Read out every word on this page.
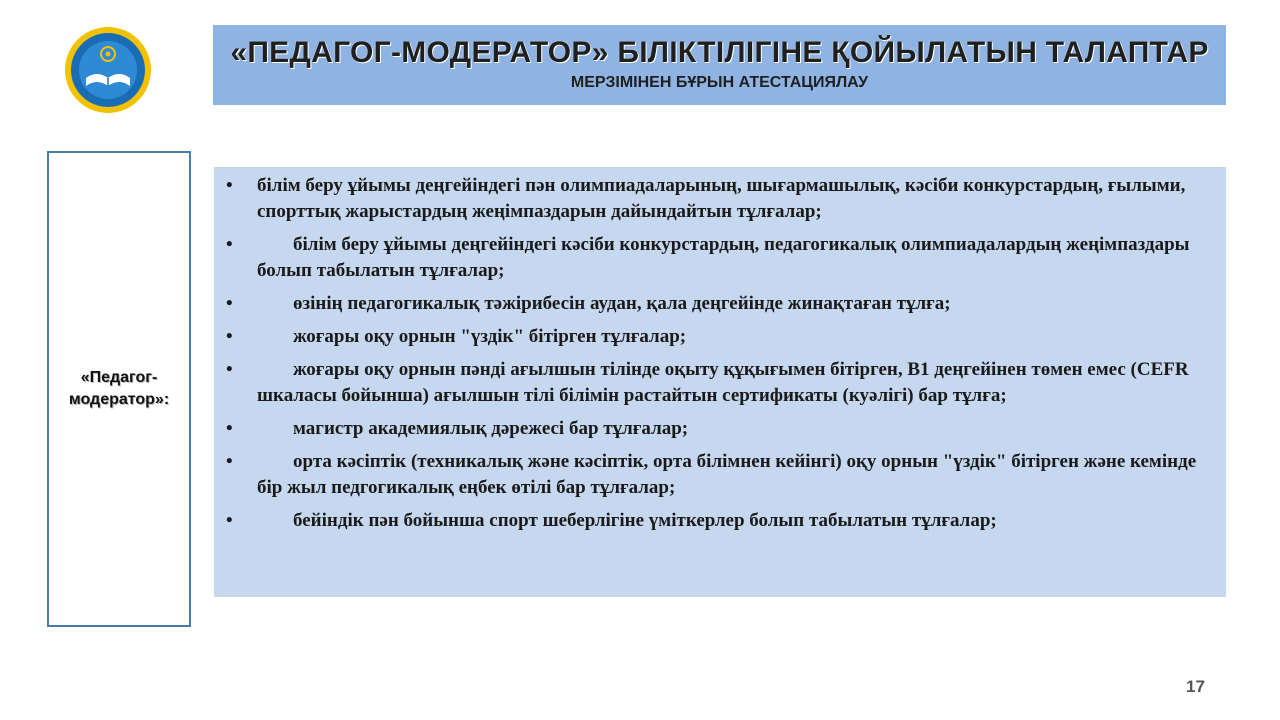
«ПЕДАГОГ-МОДЕРАТОР» БІЛІКТІЛІГІНЕ ҚОЙЫЛАТЫН ТАЛАПТАР
МЕРЗІМІНЕН БҰРЫН АТЕСТАЦИЯЛАУ
«Педагог-модератор»:
• білім беру ұйымы деңгейіндегі пән олимпиадаларының, шығармашылық, кәсіби конкурстардың, ғылыми, спорттық жарыстардың жеңімпаздарын дайындайтын тұлғалар;
•	білім беру ұйымы деңгейіндегі кәсіби конкурстардың, педагогикалық олимпиадалардың жеңімпаздары болып табылатын тұлғалар;
•	өзінің педагогикалық тәжірибесін аудан, қала деңгейінде жинақтаған тұлға;
•	жоғары оқу орнын "үздік" бітірген тұлғалар;
•	жоғары оқу орнын пәнді ағылшын тілінде оқыту құқығымен бітірген, В1 деңгейінен төмен емес (CEFR шкаласы бойынша) ағылшын тілі білімін растайтын сертификаты (куәлігі) бар тұлға;
•	магистр академиялық дәрежесі бар тұлғалар;
•	орта кәсіптік (техникалық және кәсіптік, орта білімнен кейінгі) оқу орнын "үздік" бітірген және кемінде бір жыл педгогикалық еңбек өтілі бар тұлғалар;
•	бейіндік пән бойынша спорт шеберлігіне үміткерлер болып табылатын тұлғалар;
17
